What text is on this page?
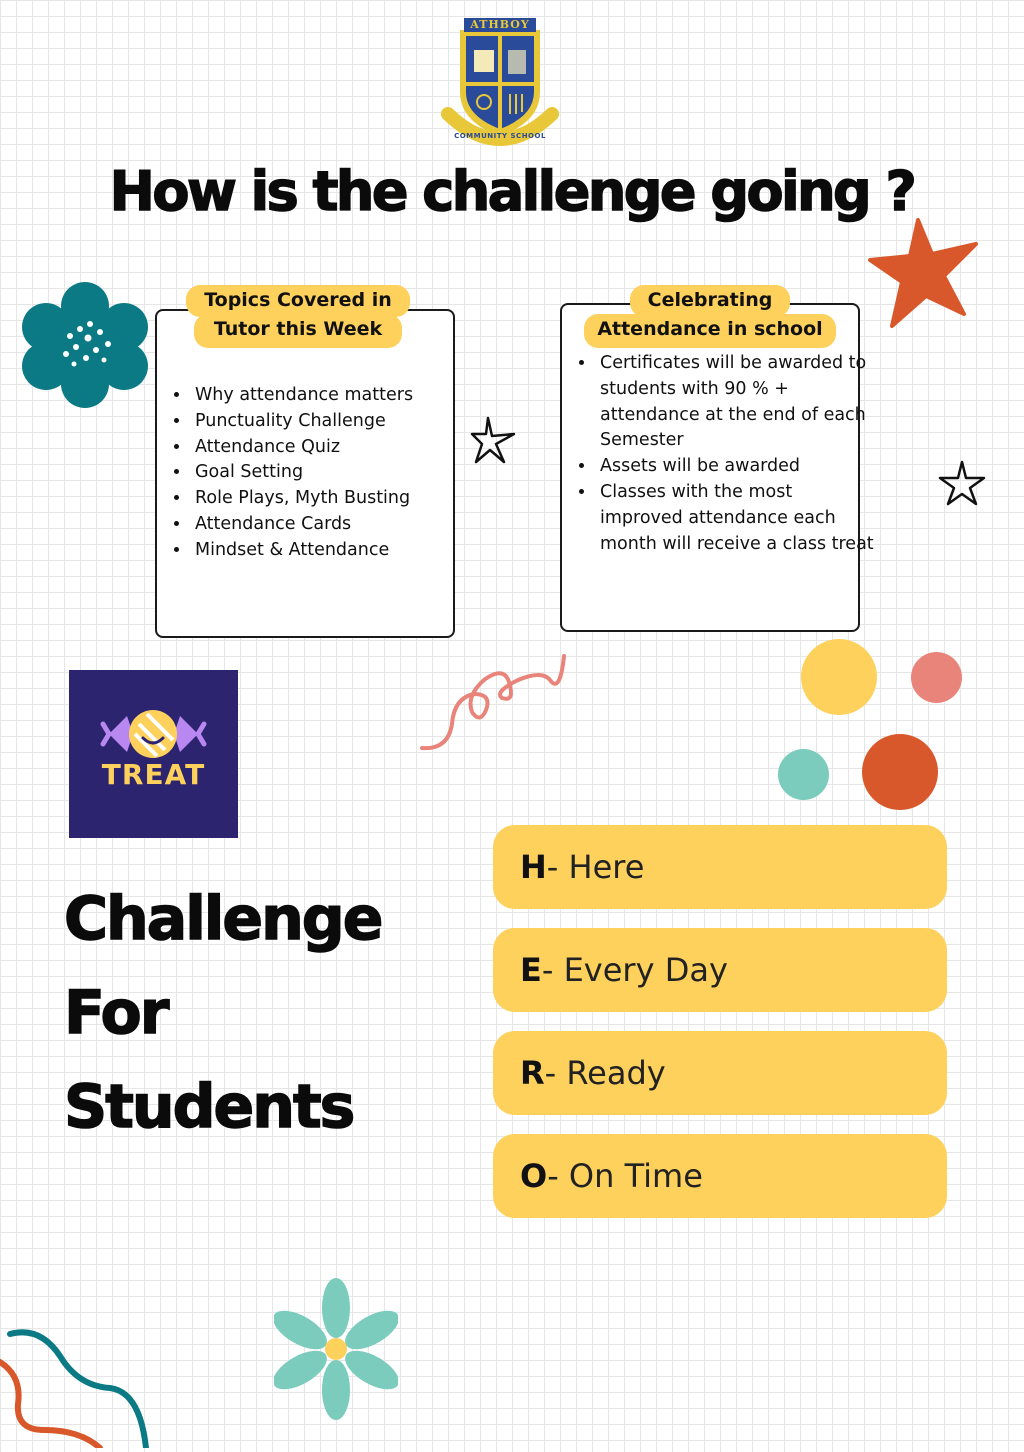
ATHBOY
COMMUNITY SCHOOL
How is the challenge going ?
• Why attendance matters
• Punctuality Challenge
• Attendance Quiz
• Goal Setting
• Role Plays, Myth Busting
• Attendance Cards
• Mindset & Attendance
Topics Covered in
Tutor this Week
• Certificates will be awarded to students with 90 % + attendance at the end of each Semester
• Assets will be awarded
• Classes with the most improved attendance each month will receive a class treat
Celebrating
Attendance in school
TREAT
Challenge
For
Students
H - Here
E - Every Day
R - Ready
O - On Time
